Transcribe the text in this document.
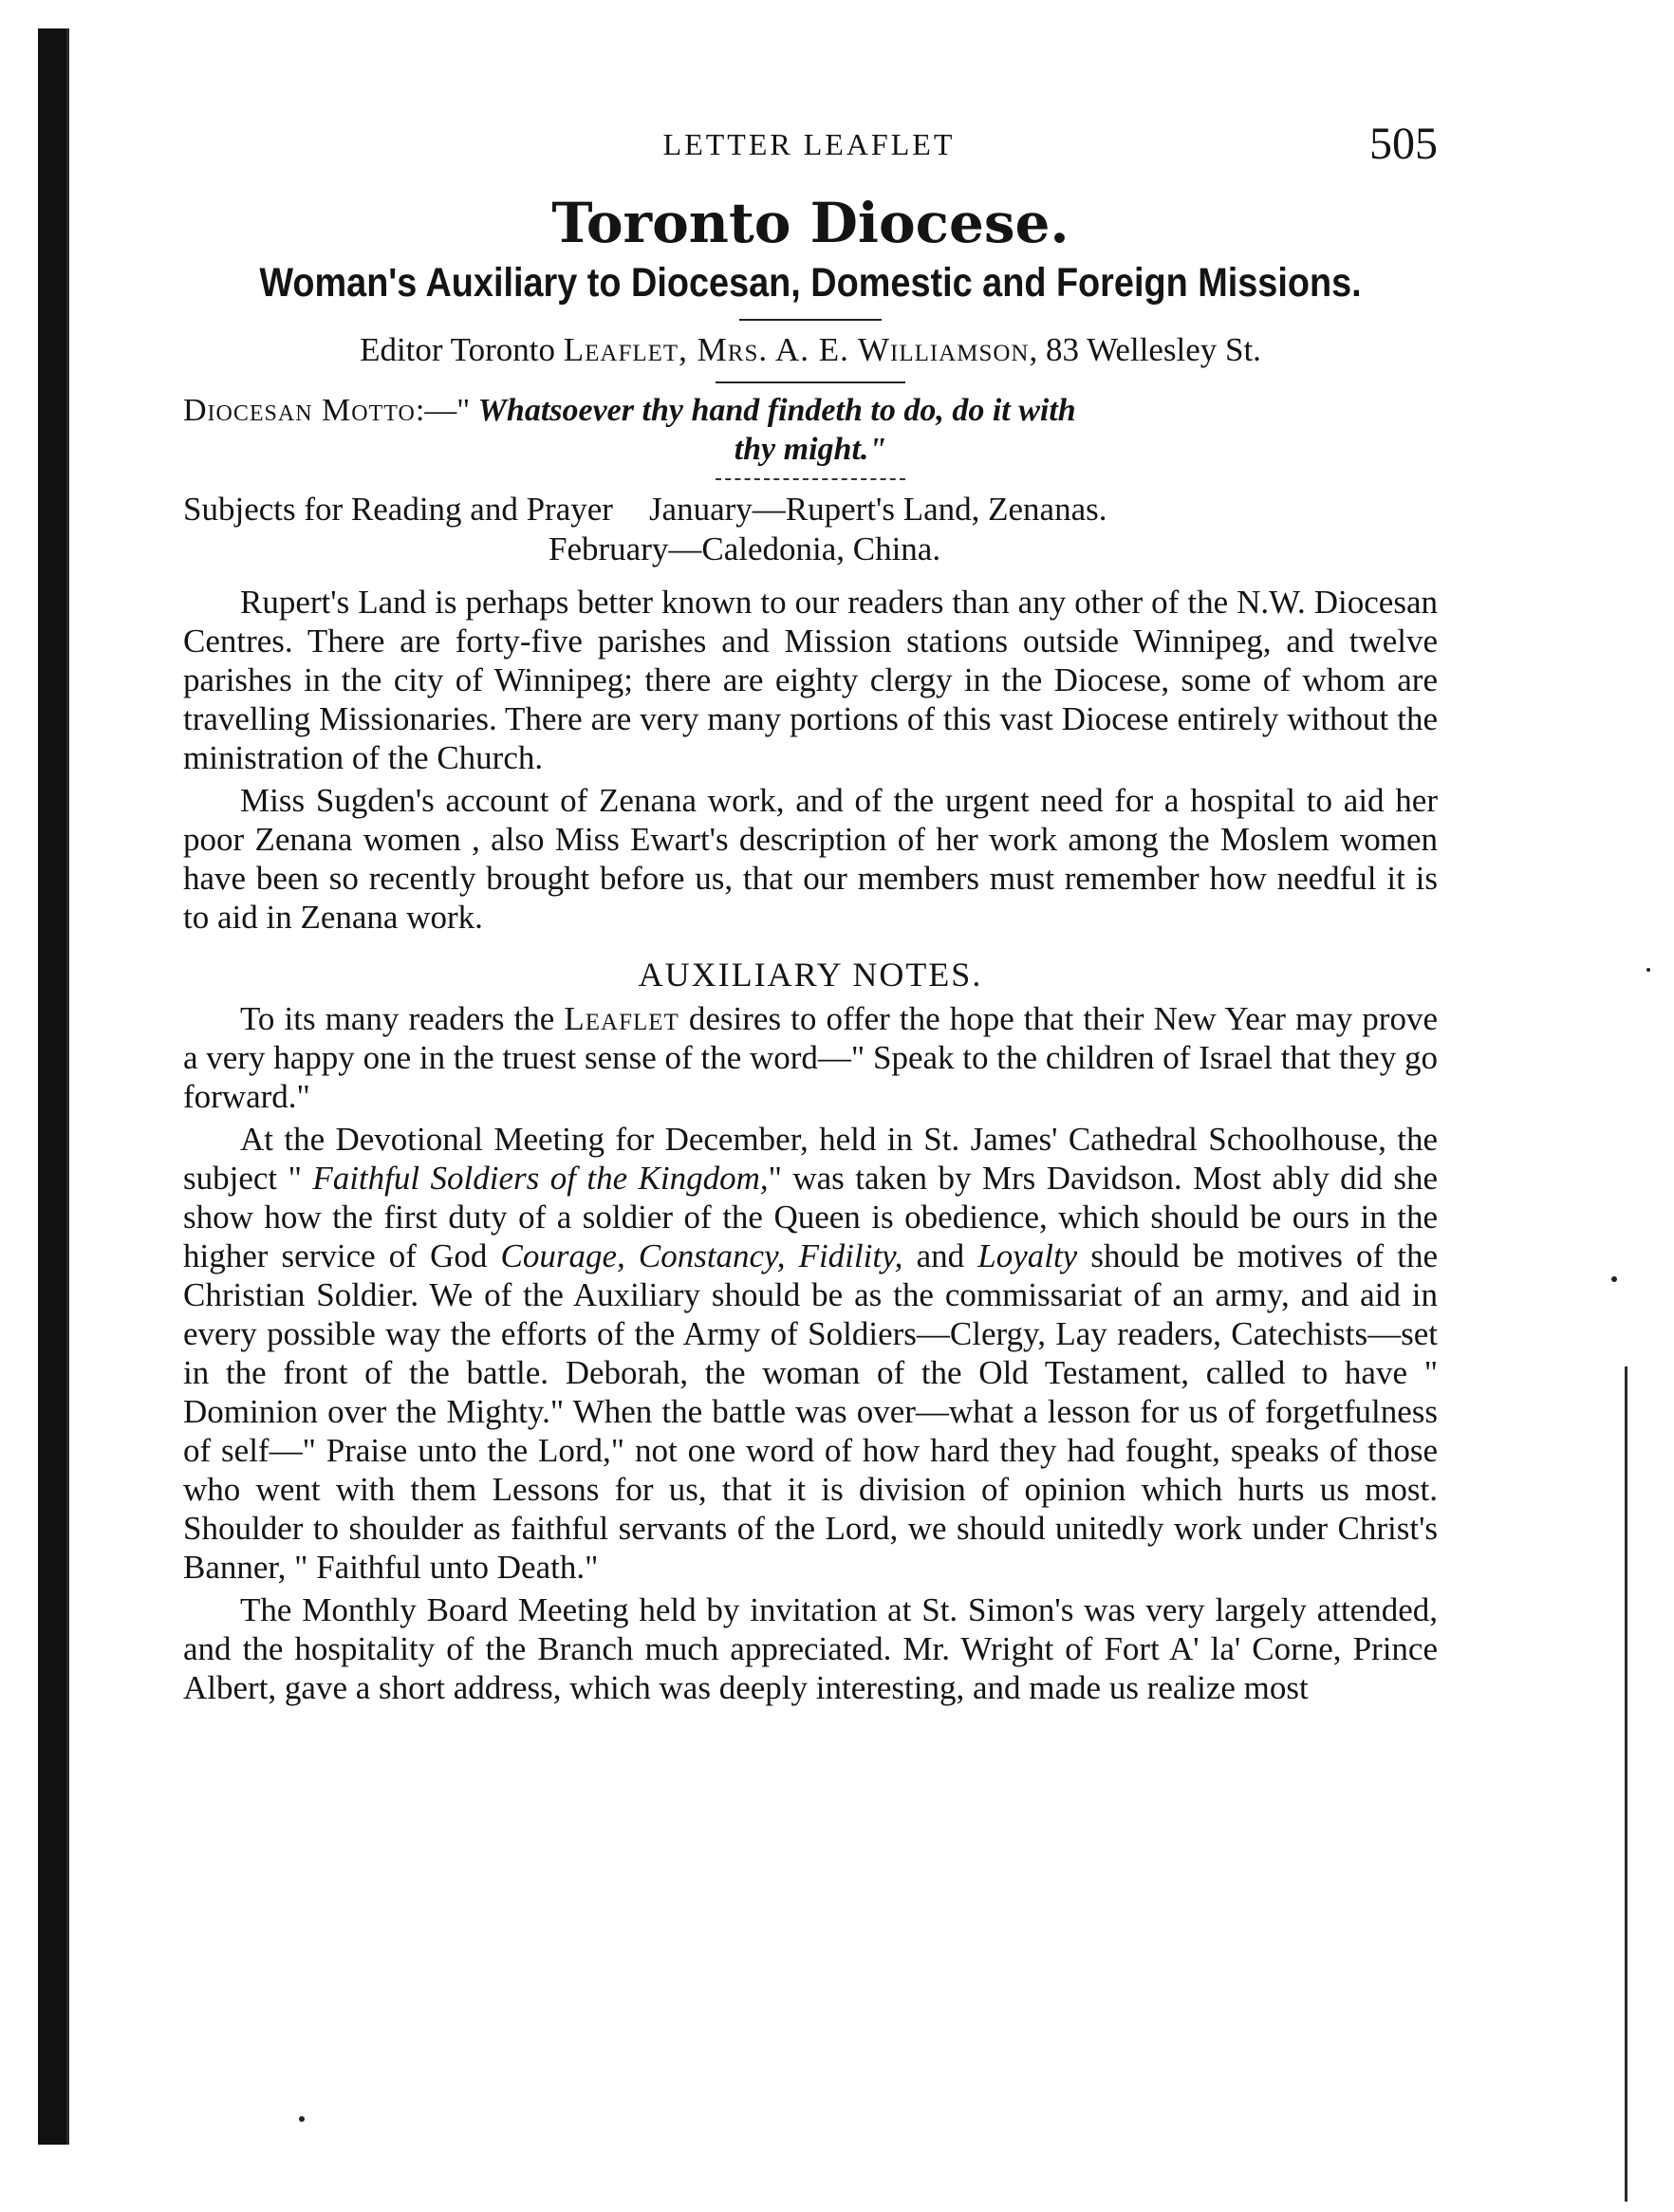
LETTER LEAFLET	505
Toronto Diocese.
Woman's Auxiliary to Diocesan, Domestic and Foreign Missions.
Editor Toronto Leaflet, Mrs. A. E. Williamson, 83 Wellesley St.
Diocesan Motto:—" Whatsoever thy hand findeth to do, do it with
thy might."
Subjects for Reading and Prayer January—Rupert's Land, Zenanas.
February—Caledonia, China.

Rupert's Land is perhaps better known to our readers than any other of the N.W. Diocesan Centres. There are forty-five parishes and Mission stations outside Winnipeg, and twelve parishes in the city of Winnipeg; there are eighty clergy in the Diocese, some of whom are travelling Missionaries. There are very many portions of this vast Diocese entirely without the ministration of the Church.

Miss Sugden's account of Zenana work, and of the urgent need for a hospital to aid her poor Zenana women , also Miss Ewart's description of her work among the Moslem women have been so recently brought before us, that our members must remember how needful it is to aid in Zenana work.

AUXILIARY NOTES.

To its many readers the Leaflet desires to offer the hope that their New Year may prove a very happy one in the truest sense of the word—" Speak to the children of Israel that they go forward."

At the Devotional Meeting for December, held in St. James' Cathedral Schoolhouse, the subject " Faithful Soldiers of the Kingdom," was taken by Mrs Davidson. Most ably did she show how the first duty of a soldier of the Queen is obedience, which should be ours in the higher service of God Courage, Constancy, Fidility, and Loyalty should be motives of the Christian Soldier. We of the Auxiliary should be as the commissariat of an army, and aid in every possible way the efforts of the Army of Soldiers—Clergy, Lay readers, Catechists—set in the front of the battle. Deborah, the woman of the Old Testament, called to have " Dominion over the Mighty." When the battle was over—what a lesson for us of forgetfulness of self—" Praise unto the Lord," not one word of how hard they had fought, speaks of those who went with them Lessons for us, that it is division of opinion which hurts us most. Shoulder to shoulder as faithful servants of the Lord, we should unitedly work under Christ's Banner, " Faithful unto Death."

The Monthly Board Meeting held by invitation at St. Simon's was very largely attended, and the hospitality of the Branch much appreciated. Mr. Wright of Fort A' la' Corne, Prince Albert, gave a short address, which was deeply interesting, and made us realize most
